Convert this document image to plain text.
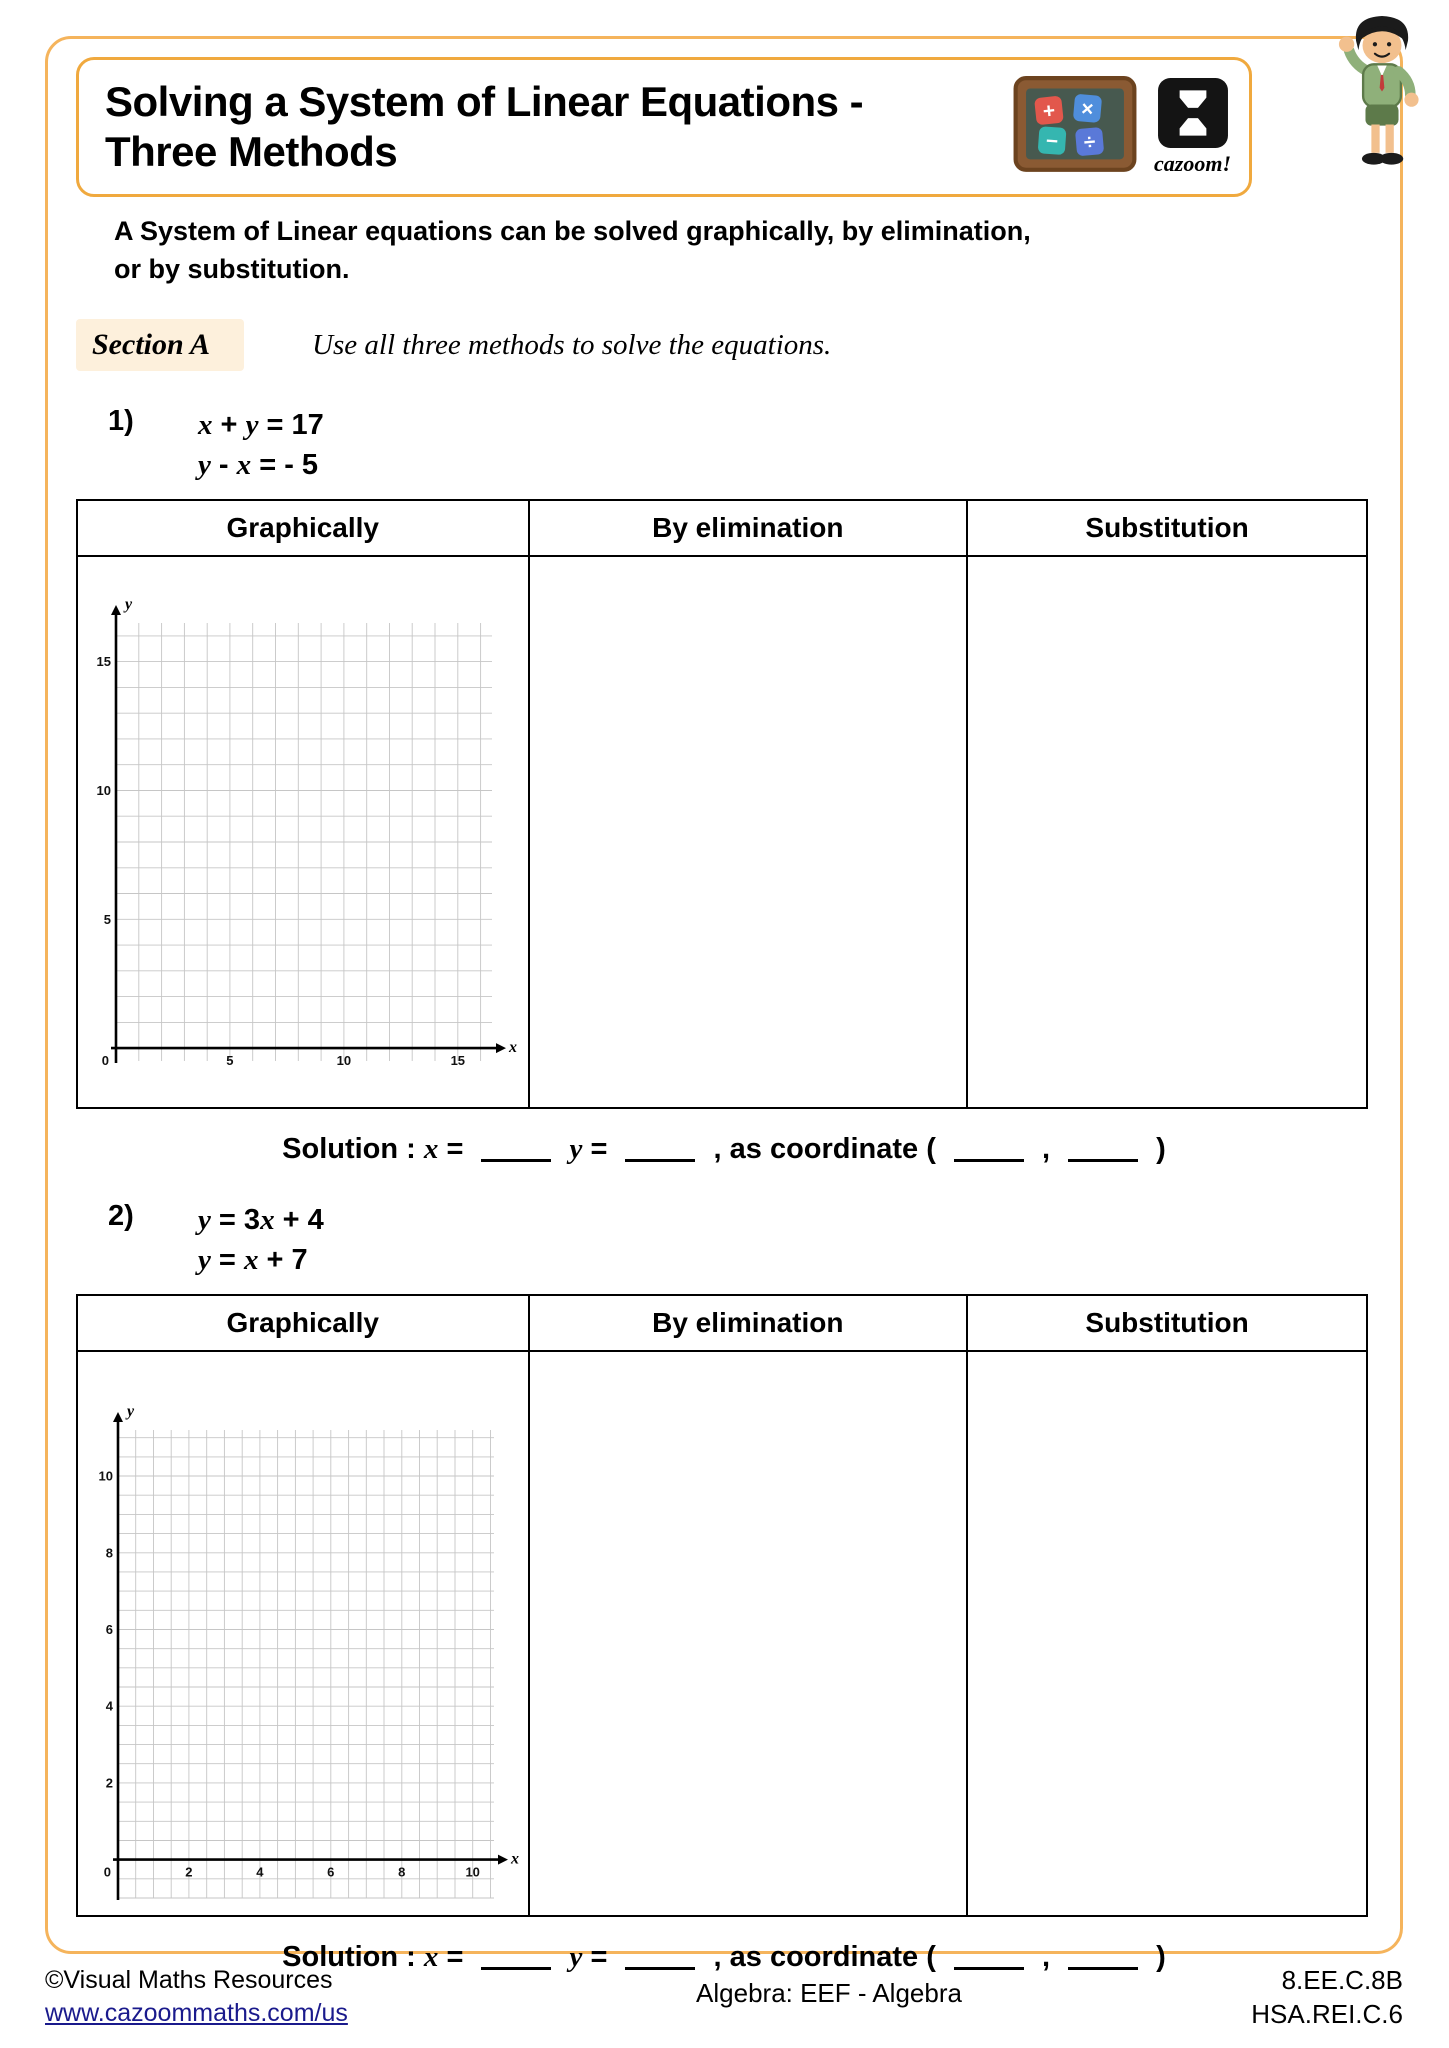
Solving a System of Linear Equations -
Three Methods
+ ×
− ÷
cazoom!
A System of Linear equations can be solved graphically, by elimination,
or by substitution.
Section A	Use all three methods to solve the equations.
1)	x + y = 17
y - x = - 5
Graphically	By elimination	Substitution

5	10	15
5
10
15
0
x
y

Solution : x =	y =	, as coordinate (	,	)
2)	y = 3x + 4
y = x + 7
Graphically	By elimination	Substitution

2	4	6	8	10
2
4
6
8
10
0
x
y

Solution : x =	y =	, as coordinate (	,	)
©Visual Maths Resources
www.cazoommaths.com/us
Algebra: EEF - Algebra	8.EE.C.8B
HSA.REI.C.6
